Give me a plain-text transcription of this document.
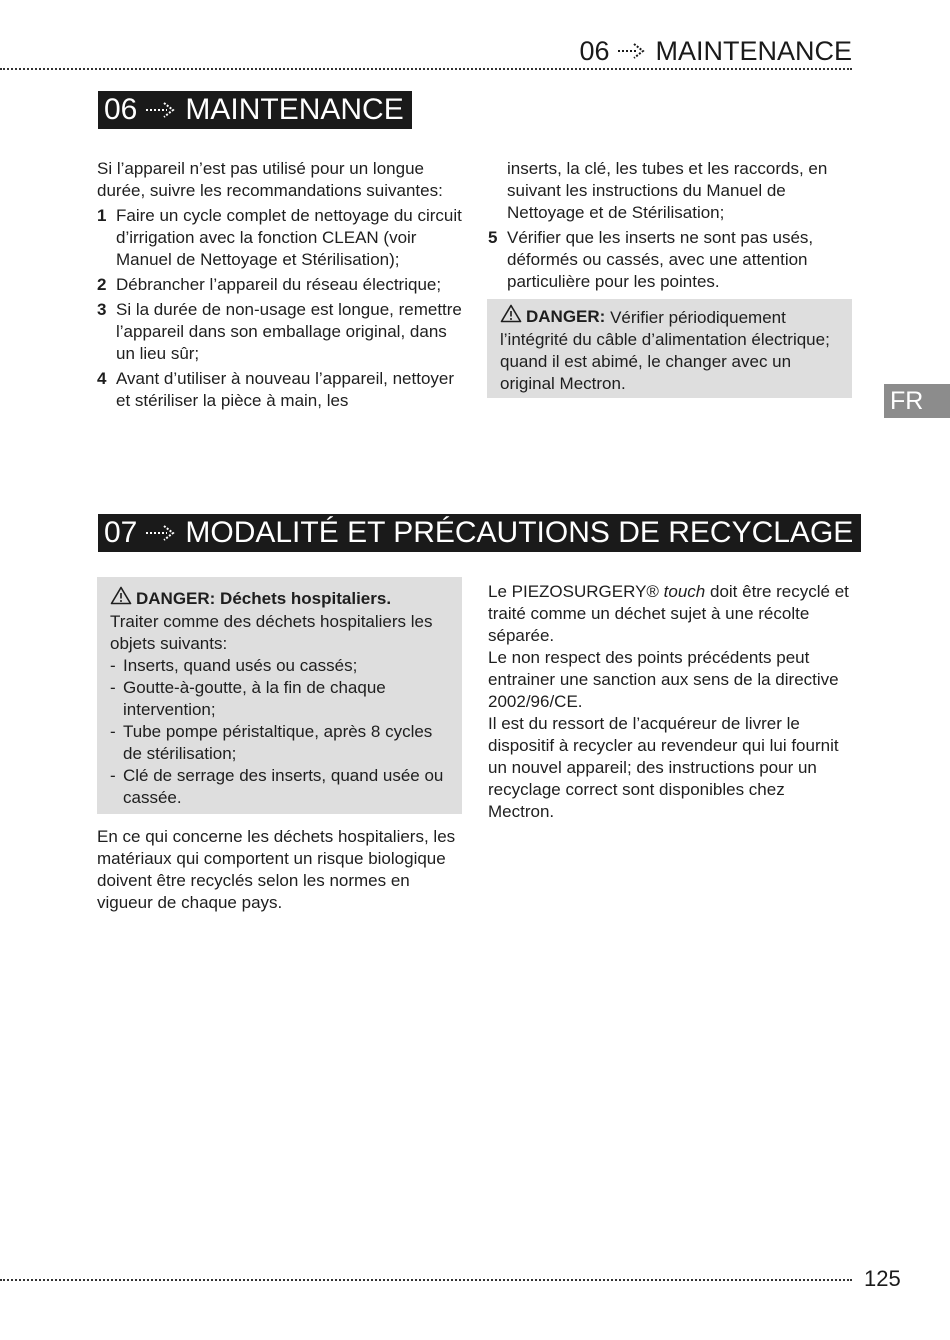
06 MAINTENANCE
06 MAINTENANCE

Si l’appareil n’est pas utilisé pour un longue durée, suivre les recommandations suivantes:

1 Faire un cycle complet de nettoyage du circuit d’irrigation avec la fonction CLEAN (voir Manuel de Nettoyage et Stérilisation);
2 Débrancher l’appareil du réseau électrique;
3 Si la durée de non-usage est longue, remettre l’appareil dans son emballage original, dans un lieu sûr;
4 Avant d’utiliser à nouveau l’appareil, nettoyer et stériliser la pièce à main, les

inserts, la clé, les tubes et les raccords, en suivant les instructions du Manuel de Nettoyage et de Stérilisation;

5 Vérifier que les inserts ne sont pas usés, déformés ou cassés, avec une attention particulière pour les pointes.
DANGER: Vérifier périodiquement l’intégrité du câble d’alimentation électrique; quand il est abimé, le changer avec un original Mectron.
FR
07 MODALITÉ ET PRÉCAUTIONS DE RECYCLAGE
DANGER: Déchets hospitaliers.

Traiter comme des déchets hospitaliers les objets suivants:

- Inserts, quand usés ou cassés;
- Goutte-à-goutte, à la fin de chaque intervention;
- Tube pompe péristaltique, après 8 cycles de stérilisation;
- Clé de serrage des inserts, quand usée ou cassée.

En ce qui concerne les déchets hospitaliers, les matériaux qui comportent un risque biologique doivent être recyclés selon les normes en vigueur de chaque pays.

Le PIEZOSURGERY® touch doit être recyclé et traité comme un déchet sujet à une récolte séparée.

Le non respect des points précédents peut entrainer une sanction aux sens de la directive 2002/96/CE.

Il est du ressort de l’acquéreur de livrer le dispositif à recycler au revendeur qui lui fournit un nouvel appareil; des instructions pour un recyclage correct sont disponibles chez Mectron.

125
